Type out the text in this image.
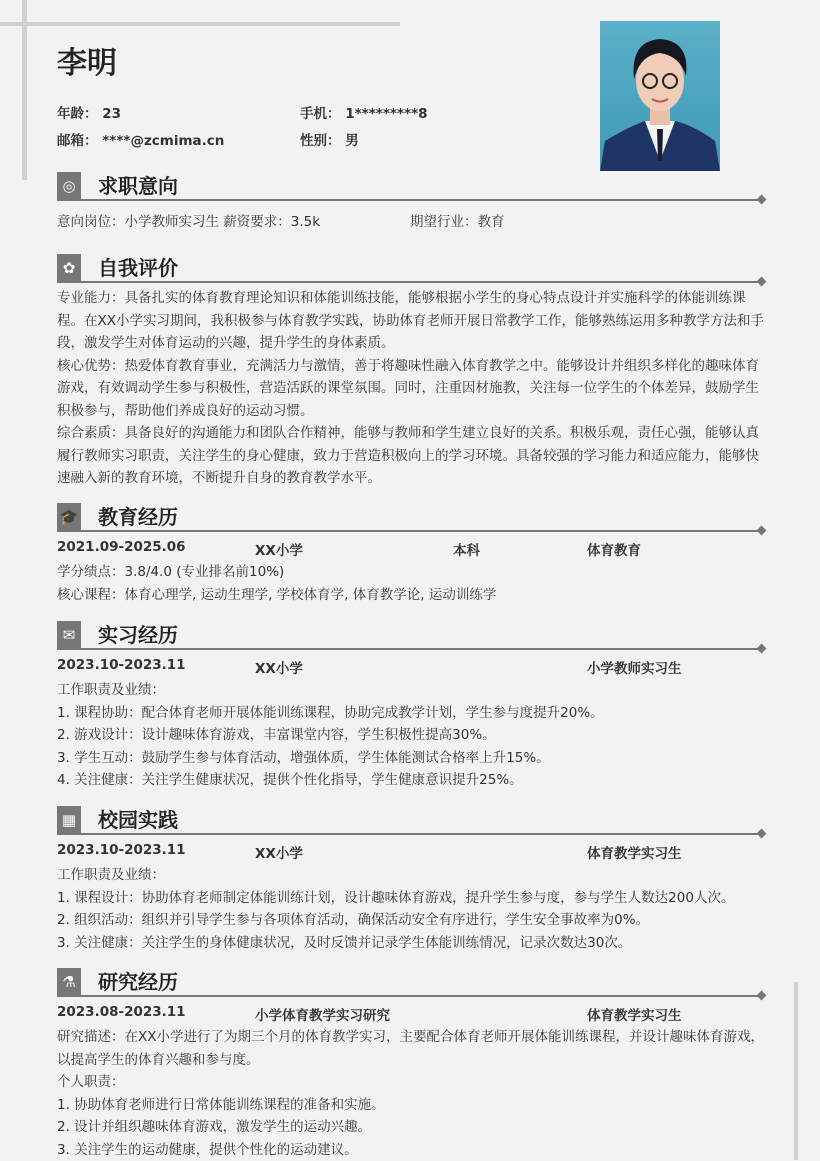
李明
年龄： 23	手机： 1*********8
邮箱： ****@zcmima.cn	性别： 男
◎ 求职意向
意向岗位：小学教师实习生 薪资要求：3.5k	期望行业：教育
✿ 自我评价

专业能力：具备扎实的体育教育理论知识和体能训练技能，能够根据小学生的身心特点设计并实施科学的体能训练课程。在XX小学实习期间，我积极参与体育教学实践，协助体育老师开展日常教学工作，能够熟练运用多种教学方法和手段，激发学生对体育运动的兴趣，提升学生的身体素质。

核心优势：热爱体育教育事业，充满活力与激情，善于将趣味性融入体育教学之中。能够设计并组织多样化的趣味体育游戏，有效调动学生参与积极性，营造活跃的课堂氛围。同时，注重因材施教，关注每一位学生的个体差异，鼓励学生积极参与，帮助他们养成良好的运动习惯。

综合素质：具备良好的沟通能力和团队合作精神，能够与教师和学生建立良好的关系。积极乐观，责任心强，能够认真履行教师实习职责，关注学生的身心健康，致力于营造积极向上的学习环境。具备较强的学习能力和适应能力，能够快速融入新的教育环境，不断提升自身的教育教学水平。

🎓 教育经历
2021.09-2025.06	XX小学	本科	体育教育

学分绩点：3.8/4.0 (专业排名前10%)

核心课程：体育心理学, 运动生理学, 学校体育学, 体育教学论, 运动训练学

✉ 实习经历
2023.10-2023.11	XX小学	小学教师实习生

工作职责及业绩：

1. 课程协助：配合体育老师开展体能训练课程，协助完成教学计划，学生参与度提升20%。

2. 游戏设计：设计趣味体育游戏，丰富课堂内容，学生积极性提高30%。

3. 学生互动：鼓励学生参与体育活动，增强体质，学生体能测试合格率上升15%。

4. 关注健康：关注学生健康状况，提供个性化指导，学生健康意识提升25%。

▦ 校园实践
2023.10-2023.11	XX小学	体育教学实习生

工作职责及业绩：

1. 课程设计：协助体育老师制定体能训练计划，设计趣味体育游戏，提升学生参与度，参与学生人数达200人次。

2. 组织活动：组织并引导学生参与各项体育活动，确保活动安全有序进行，学生安全事故率为0%。

3. 关注健康：关注学生的身体健康状况，及时反馈并记录学生体能训练情况，记录次数达30次。

⚗ 研究经历
2023.08-2023.11	小学体育教学实习研究	体育教学实习生

研究描述：在XX小学进行了为期三个月的体育教学实习，主要配合体育老师开展体能训练课程，并设计趣味体育游戏，以提高学生的体育兴趣和参与度。

个人职责：

1. 协助体育老师进行日常体能训练课程的准备和实施。

2. 设计并组织趣味体育游戏，激发学生的运动兴趣。

3. 关注学生的运动健康，提供个性化的运动建议。
